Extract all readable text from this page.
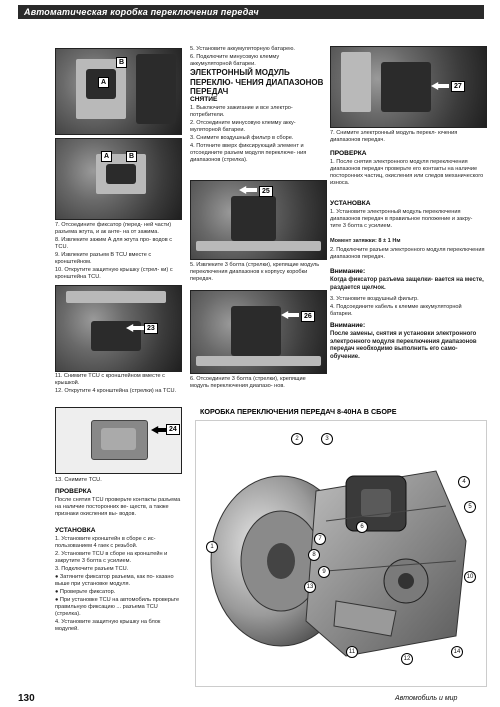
Автоматическая коробка переключения передач
B
A
A	B

7. Отсоедините фиксатор (перед- ней части) разъема жгута, и ак анте- на от зажима.

8. Извлеките зажим А для жгута про- водов с TCU.

9. Извлеките разъем B TCU вместе с кронштейном.

10. Открутите защитную крышку (стрел- ки) с кронштейна TCU.

23

11. Снимите TCU с кронштейном вместе с крышкой.

12. Открутите 4 кронштейна (стрелки) на TCU.

24
13. Снимите TCU.
ПРОВЕРКА
После снятия TCU проверьте контакты разъема на наличие посторонних ве- ществ, а также признаки окисления вы- водов.
УСТАНОВКА

1. Установите кронштейн в сборе с ис- пользованием 4 гаек с резьбой.

2. Установите TCU в сборе на кронштейн и закрутите 3 болта с усилием.

3. Подключите разъем TCU.

● Затяните фиксатор разъема, как по- казано выше при установке модуля.

● Проверьте фиксатор.

● При установке TCU на автомобиль проверьте правильную фиксацию ... разъема TCU (стрелка).

4. Установите защитную крышку на блок модулей.

5. Установите аккумуляторную батарею.

6. Подключите минусовую клемму аккумуляторной батареи.

ЭЛЕКТРОННЫЙ МОДУЛЬ ПЕРЕКЛЮ- ЧЕНИЯ ДИАПАЗОНОВ ПЕРЕДАЧ
СНЯТИЕ

1. Выключите зажигание и все электро- потребители.

2. Отсоедините минусовую клемму акку- муляторной батареи.

3. Снимите воздушный фильтр в сборе.

4. Потяните вверх фиксирующий элемент и отсоедините разъем модуля переключе- ния диапазонов (стрелка).

25
5. Извлеките 3 болта (стрелки), крепящие модуль переключения диапазонов к корпусу коробки передач.
26
6. Отсоедините 3 болта (стрелки), крепящие модуль переключения диапазо- нов.
27
7. Снимите электронный модуль перекл- ючения диапазонов передач.
ПРОВЕРКА

1. После снятия электронного модуля переключения диапазонов передач проверьте его контакты на наличие посторонних частиц, окисления или следов механического износа.

УСТАНОВКА

1. Установите электронный модуль переключения диапазонов передач в правильное положение и закру- тите 3 болта с усилием.

Момент затяжки: 8 ± 1 Нм

2. Подключите разъем электронного модуля переключения диапазонов передач.

Внимание:
Когда фиксатор разъема защелки- вается на месте, раздается щелчок.

3. Установите воздушный фильтр.

4. Подсоедините кабель к клемме аккумуляторной батареи.

Внимание:
После замены, снятия и установки электронного электронного модуля переключения диапазонов передач необходимо выполнить его само- обучение.
КОРОБКА ПЕРЕКЛЮЧЕНИЯ ПЕРЕДАЧ 8-40НА В СБОРЕ
1
2	3
4
5
6
7
8
9
10
11
12
13
14
130	Автомобиль и мир
